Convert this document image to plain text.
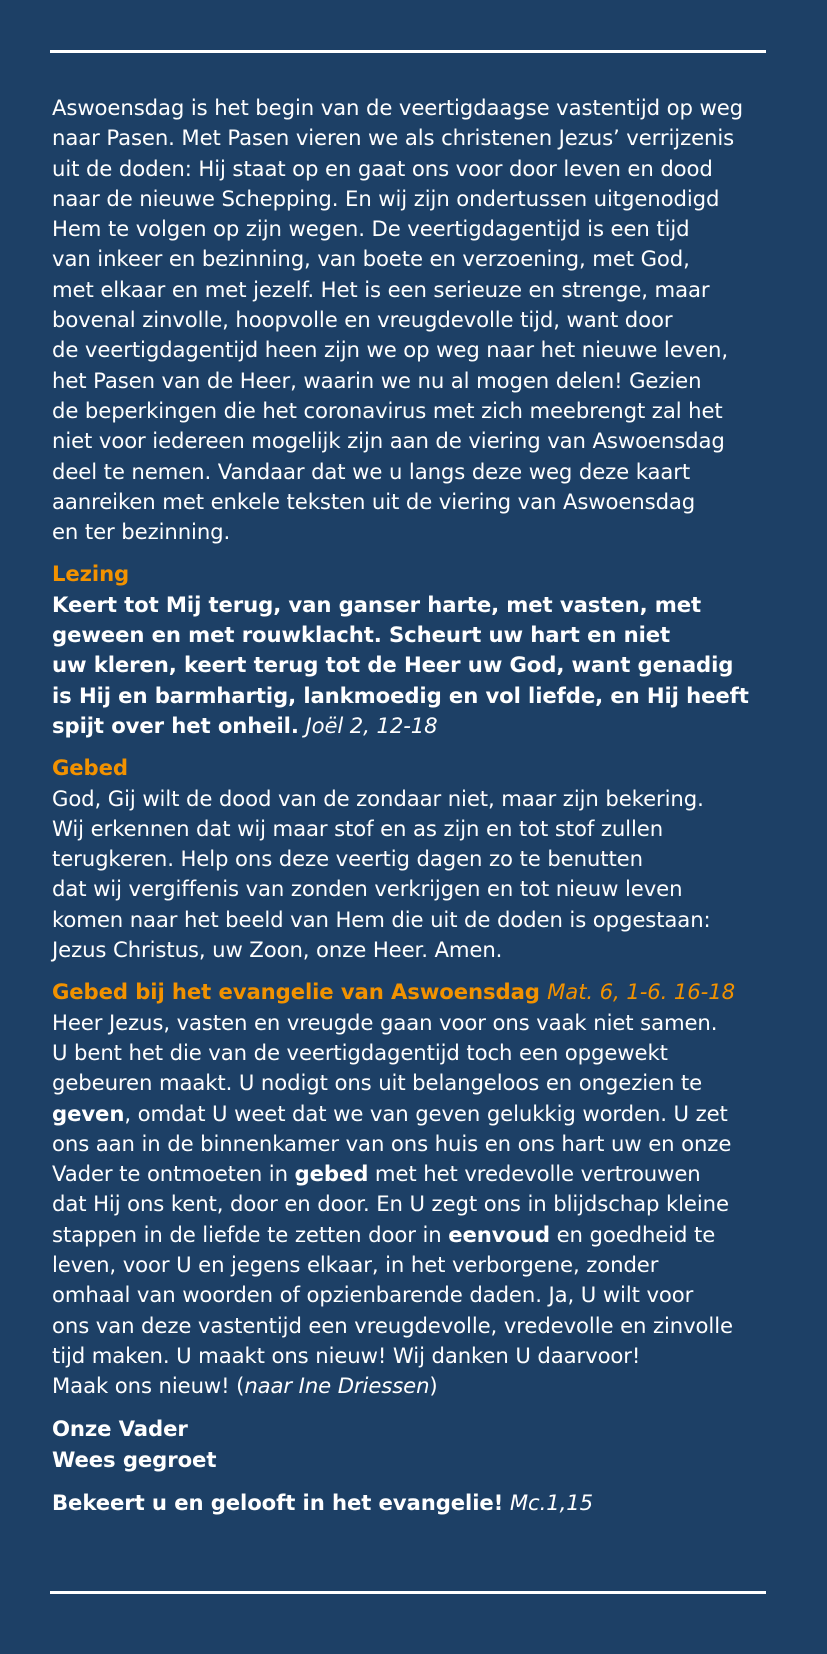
Aswoensdag is het begin van de veertigdaagse vastentijd op weg
naar Pasen. Met Pasen vieren we als christenen Jezus’ verrijzenis
uit de doden: Hij staat op en gaat ons voor door leven en dood
naar de nieuwe Schepping. En wij zijn ondertussen uitgenodigd
Hem te volgen op zijn wegen. De veertigdagentijd is een tijd
van inkeer en bezinning, van boete en verzoening, met God,
met elkaar en met jezelf. Het is een serieuze en strenge, maar
bovenal zinvolle, hoopvolle en vreugdevolle tijd, want door
de veertigdagentijd heen zijn we op weg naar het nieuwe leven,
het Pasen van de Heer, waarin we nu al mogen delen! Gezien
de beperkingen die het coronavirus met zich meebrengt zal het
niet voor iedereen mogelijk zijn aan de viering van Aswoensdag
deel te nemen. Vandaar dat we u langs deze weg deze kaart
aanreiken met enkele teksten uit de viering van Aswoensdag
en ter bezinning.

Lezing
Keert tot Mij terug, van ganser harte, met vasten, met
geween en met rouwklacht. Scheurt uw hart en niet
uw kleren, keert terug tot de Heer uw God, want genadig
is Hij en barmhartig, lankmoedig en vol liefde, en Hij heeft
spijt over het onheil. Joël 2, 12-18
Gebed
God, Gij wilt de dood van de zondaar niet, maar zijn bekering.
Wij erkennen dat wij maar stof en as zijn en tot stof zullen
terugkeren. Help ons deze veertig dagen zo te benutten
dat wij vergiffenis van zonden verkrijgen en tot nieuw leven
komen naar het beeld van Hem die uit de doden is opgestaan:
Jezus Christus, uw Zoon, onze Heer. Amen.
Gebed bij het evangelie van Aswoensdag Mat. 6, 1-6. 16-18
Heer Jezus, vasten en vreugde gaan voor ons vaak niet samen.
U bent het die van de veertigdagentijd toch een opgewekt
gebeuren maakt. U nodigt ons uit belangeloos en ongezien te
geven, omdat U weet dat we van geven gelukkig worden. U zet
ons aan in de binnenkamer van ons huis en ons hart uw en onze
Vader te ontmoeten in gebed met het vredevolle vertrouwen
dat Hij ons kent, door en door. En U zegt ons in blijdschap kleine
stappen in de liefde te zetten door in eenvoud en goedheid te
leven, voor U en jegens elkaar, in het verborgene, zonder
omhaal van woorden of opzienbarende daden. Ja, U wilt voor
ons van deze vastentijd een vreugdevolle, vredevolle en zinvolle
tijd maken. U maakt ons nieuw! Wij danken U daarvoor!
Maak ons nieuw! (naar Ine Driessen)
Onze Vader
Wees gegroet
Bekeert u en gelooft in het evangelie! Mc.1,15
